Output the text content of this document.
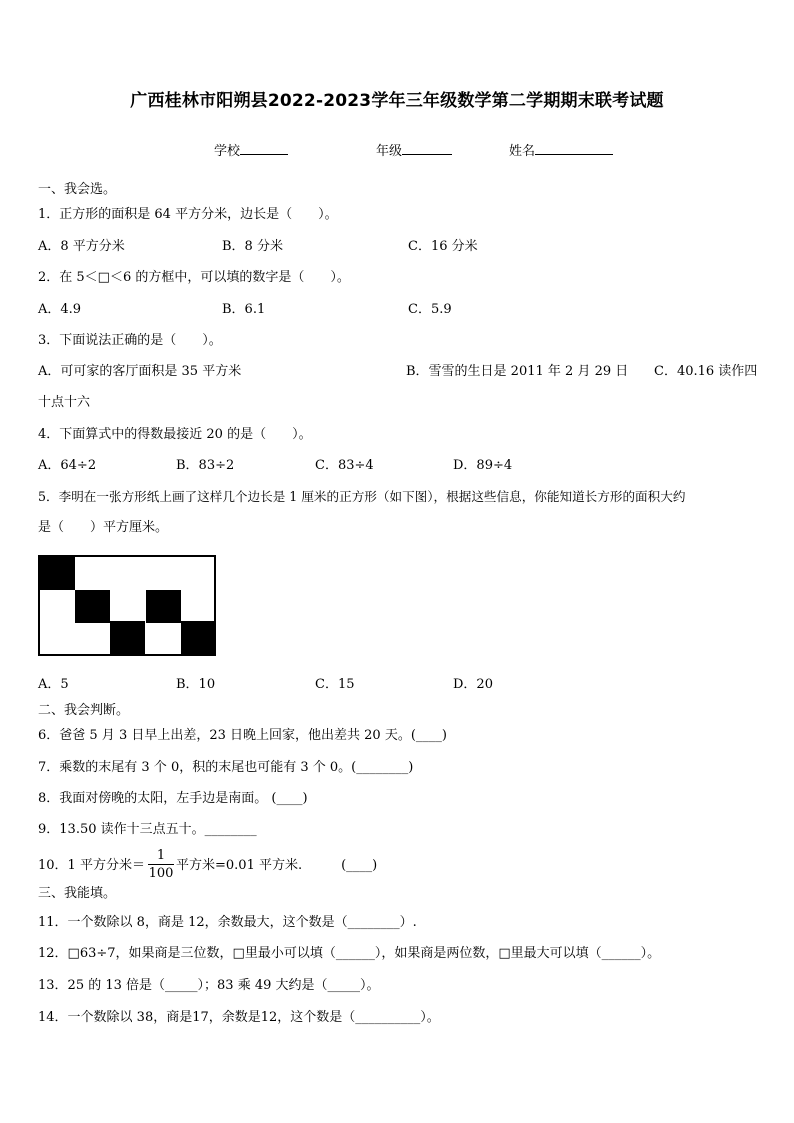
广西桂林市阳朔县2022-2023学年三年级数学第二学期期末联考试题
学校	年级	姓名
一、我会选。
1．正方形的面积是 64 平方分米，边长是（　　）。
A．8 平方分米	B．8 分米	C．16 分米
2．在 5＜□＜6 的方框中，可以填的数字是（　　）。
A．4.9	B．6.1	C．5.9
3．下面说法正确的是（　　）。
A．可可家的客厅面积是 35 平方米	B．雪雪的生日是 2011 年 2 月 29 日 C．40.16 读作四
十点十六
4．下面算式中的得数最接近 20 的是（　　）。
A．64÷2	B．83÷2	C．83÷4	D．89÷4
5．李明在一张方形纸上画了这样几个边长是 1 厘米的正方形（如下图），根据这些信息，你能知道长方形的面积大约
是（　　）平方厘米。
A．5	B．10	C．15	D．20
二、我会判断。
6．爸爸 5 月 3 日早上出差，23 日晚上回家，他出差共 20 天。(____)
7．乘数的末尾有 3 个 0，积的末尾也可能有 3 个 0。(________)
8．我面对傍晚的太阳，左手边是南面。 (____)
9．13.50 读作十三点五十。________
10．1 平方分米＝
1
100
平方米=0.01 平方米.　　　(____)
三、我能填。
11．一个数除以 8，商是 12，余数最大，这个数是（________）.
12．□63÷7，如果商是三位数，□里最小可以填（______），如果商是两位数，□里最大可以填（______）。
13．25 的 13 倍是（_____）；83 乘 49 大约是（_____）。
14．一个数除以 38，商是17，余数是12，这个数是（__________）。
